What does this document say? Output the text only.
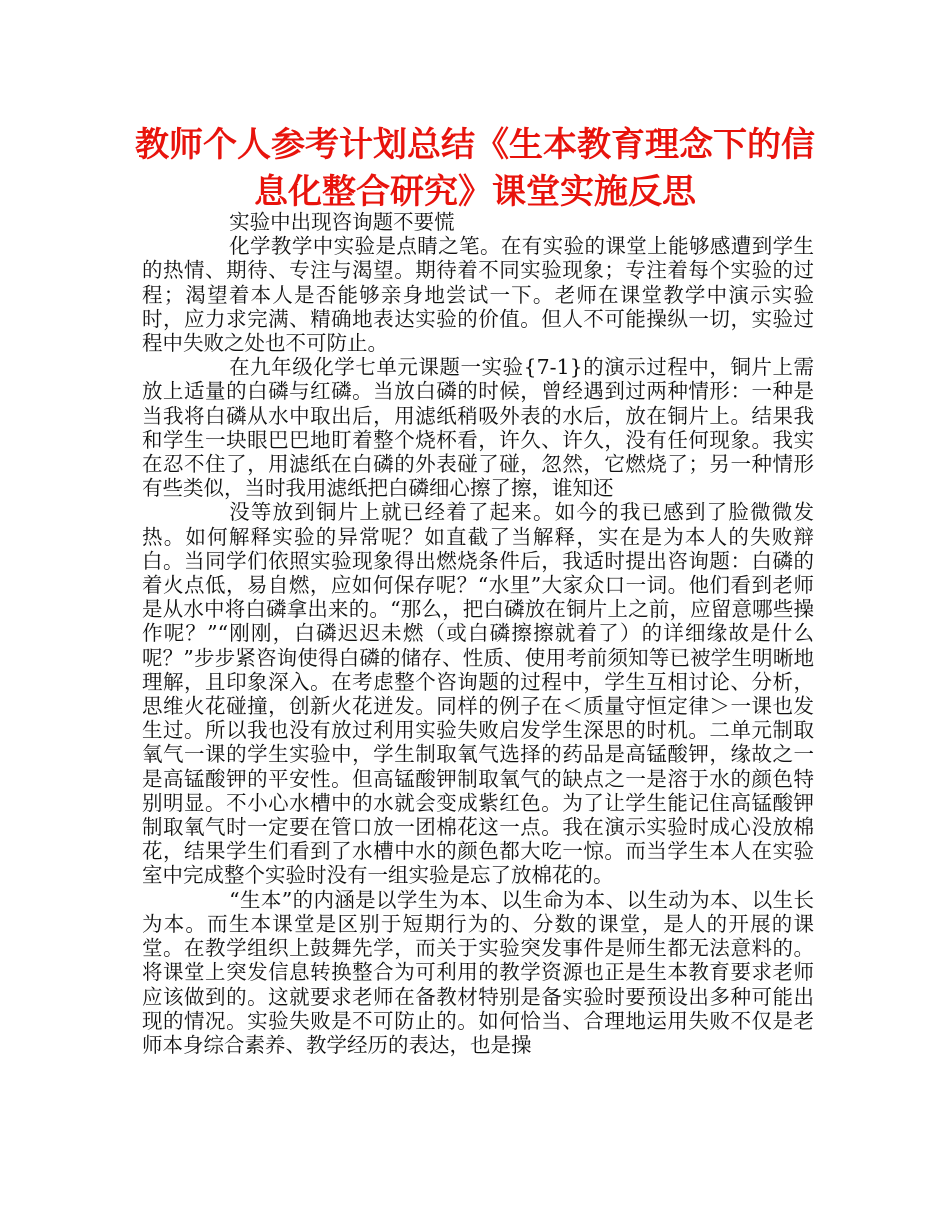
教师个人参考计划总结《生本教育理念下的信息化整合研究》课堂实施反思

实验中出现咨询题不要慌

化学教学中实验是点睛之笔。在有实验的课堂上能够感遭到学生的热情、期待、专注与渴望。期待着不同实验现象；专注着每个实验的过程；渴望着本人是否能够亲身地尝试一下。老师在课堂教学中演示实验时，应力求完满、精确地表达实验的价值。但人不可能操纵一切，实验过程中失败之处也不可防止。

在九年级化学七单元课题一实验{7-1}的演示过程中，铜片上需放上适量的白磷与红磷。当放白磷的时候，曾经遇到过两种情形：一种是当我将白磷从水中取出后，用滤纸稍吸外表的水后，放在铜片上。结果我和学生一块眼巴巴地盯着整个烧杯看，许久、许久，没有任何现象。我实在忍不住了，用滤纸在白磷的外表碰了碰，忽然，它燃烧了；另一种情形有些类似，当时我用滤纸把白磷细心擦了擦，谁知还

没等放到铜片上就已经着了起来。如今的我已感到了脸微微发热。如何解释实验的异常呢？如直截了当解释，实在是为本人的失败辩白。当同学们依照实验现象得出燃烧条件后，我适时提出咨询题：白磷的着火点低，易自燃，应如何保存呢？“水里”大家众口一词。他们看到老师是从水中将白磷拿出来的。“那么，把白磷放在铜片上之前，应留意哪些操作呢？”“刚刚，白磷迟迟未燃（或白磷擦擦就着了）的详细缘故是什么呢？”步步紧咨询使得白磷的储存、性质、使用考前须知等已被学生明晰地理解，且印象深入。在考虑整个咨询题的过程中，学生互相讨论、分析，思维火花碰撞，创新火花迸发。同样的例子在＜质量守恒定律＞一课也发生过。所以我也没有放过利用实验失败启发学生深思的时机。二单元制取氧气一课的学生实验中，学生制取氧气选择的药品是高锰酸钾，缘故之一是高锰酸钾的平安性。但高锰酸钾制取氧气的缺点之一是溶于水的颜色特别明显。不小心水槽中的水就会变成紫红色。为了让学生能记住高锰酸钾制取氧气时一定要在管口放一团棉花这一点。我在演示实验时成心没放棉花，结果学生们看到了水槽中水的颜色都大吃一惊。而当学生本人在实验室中完成整个实验时没有一组实验是忘了放棉花的。

“生本”的内涵是以学生为本、以生命为本、以生动为本、以生长为本。而生本课堂是区别于短期行为的、分数的课堂，是人的开展的课堂。在教学组织上鼓舞先学，而关于实验突发事件是师生都无法意料的。将课堂上突发信息转换整合为可利用的教学资源也正是生本教育要求老师应该做到的。这就要求老师在备教材特别是备实验时要预设出多种可能出现的情况。实验失败是不可防止的。如何恰当、合理地运用失败不仅是老师本身综合素养、教学经历的表达，也是操
